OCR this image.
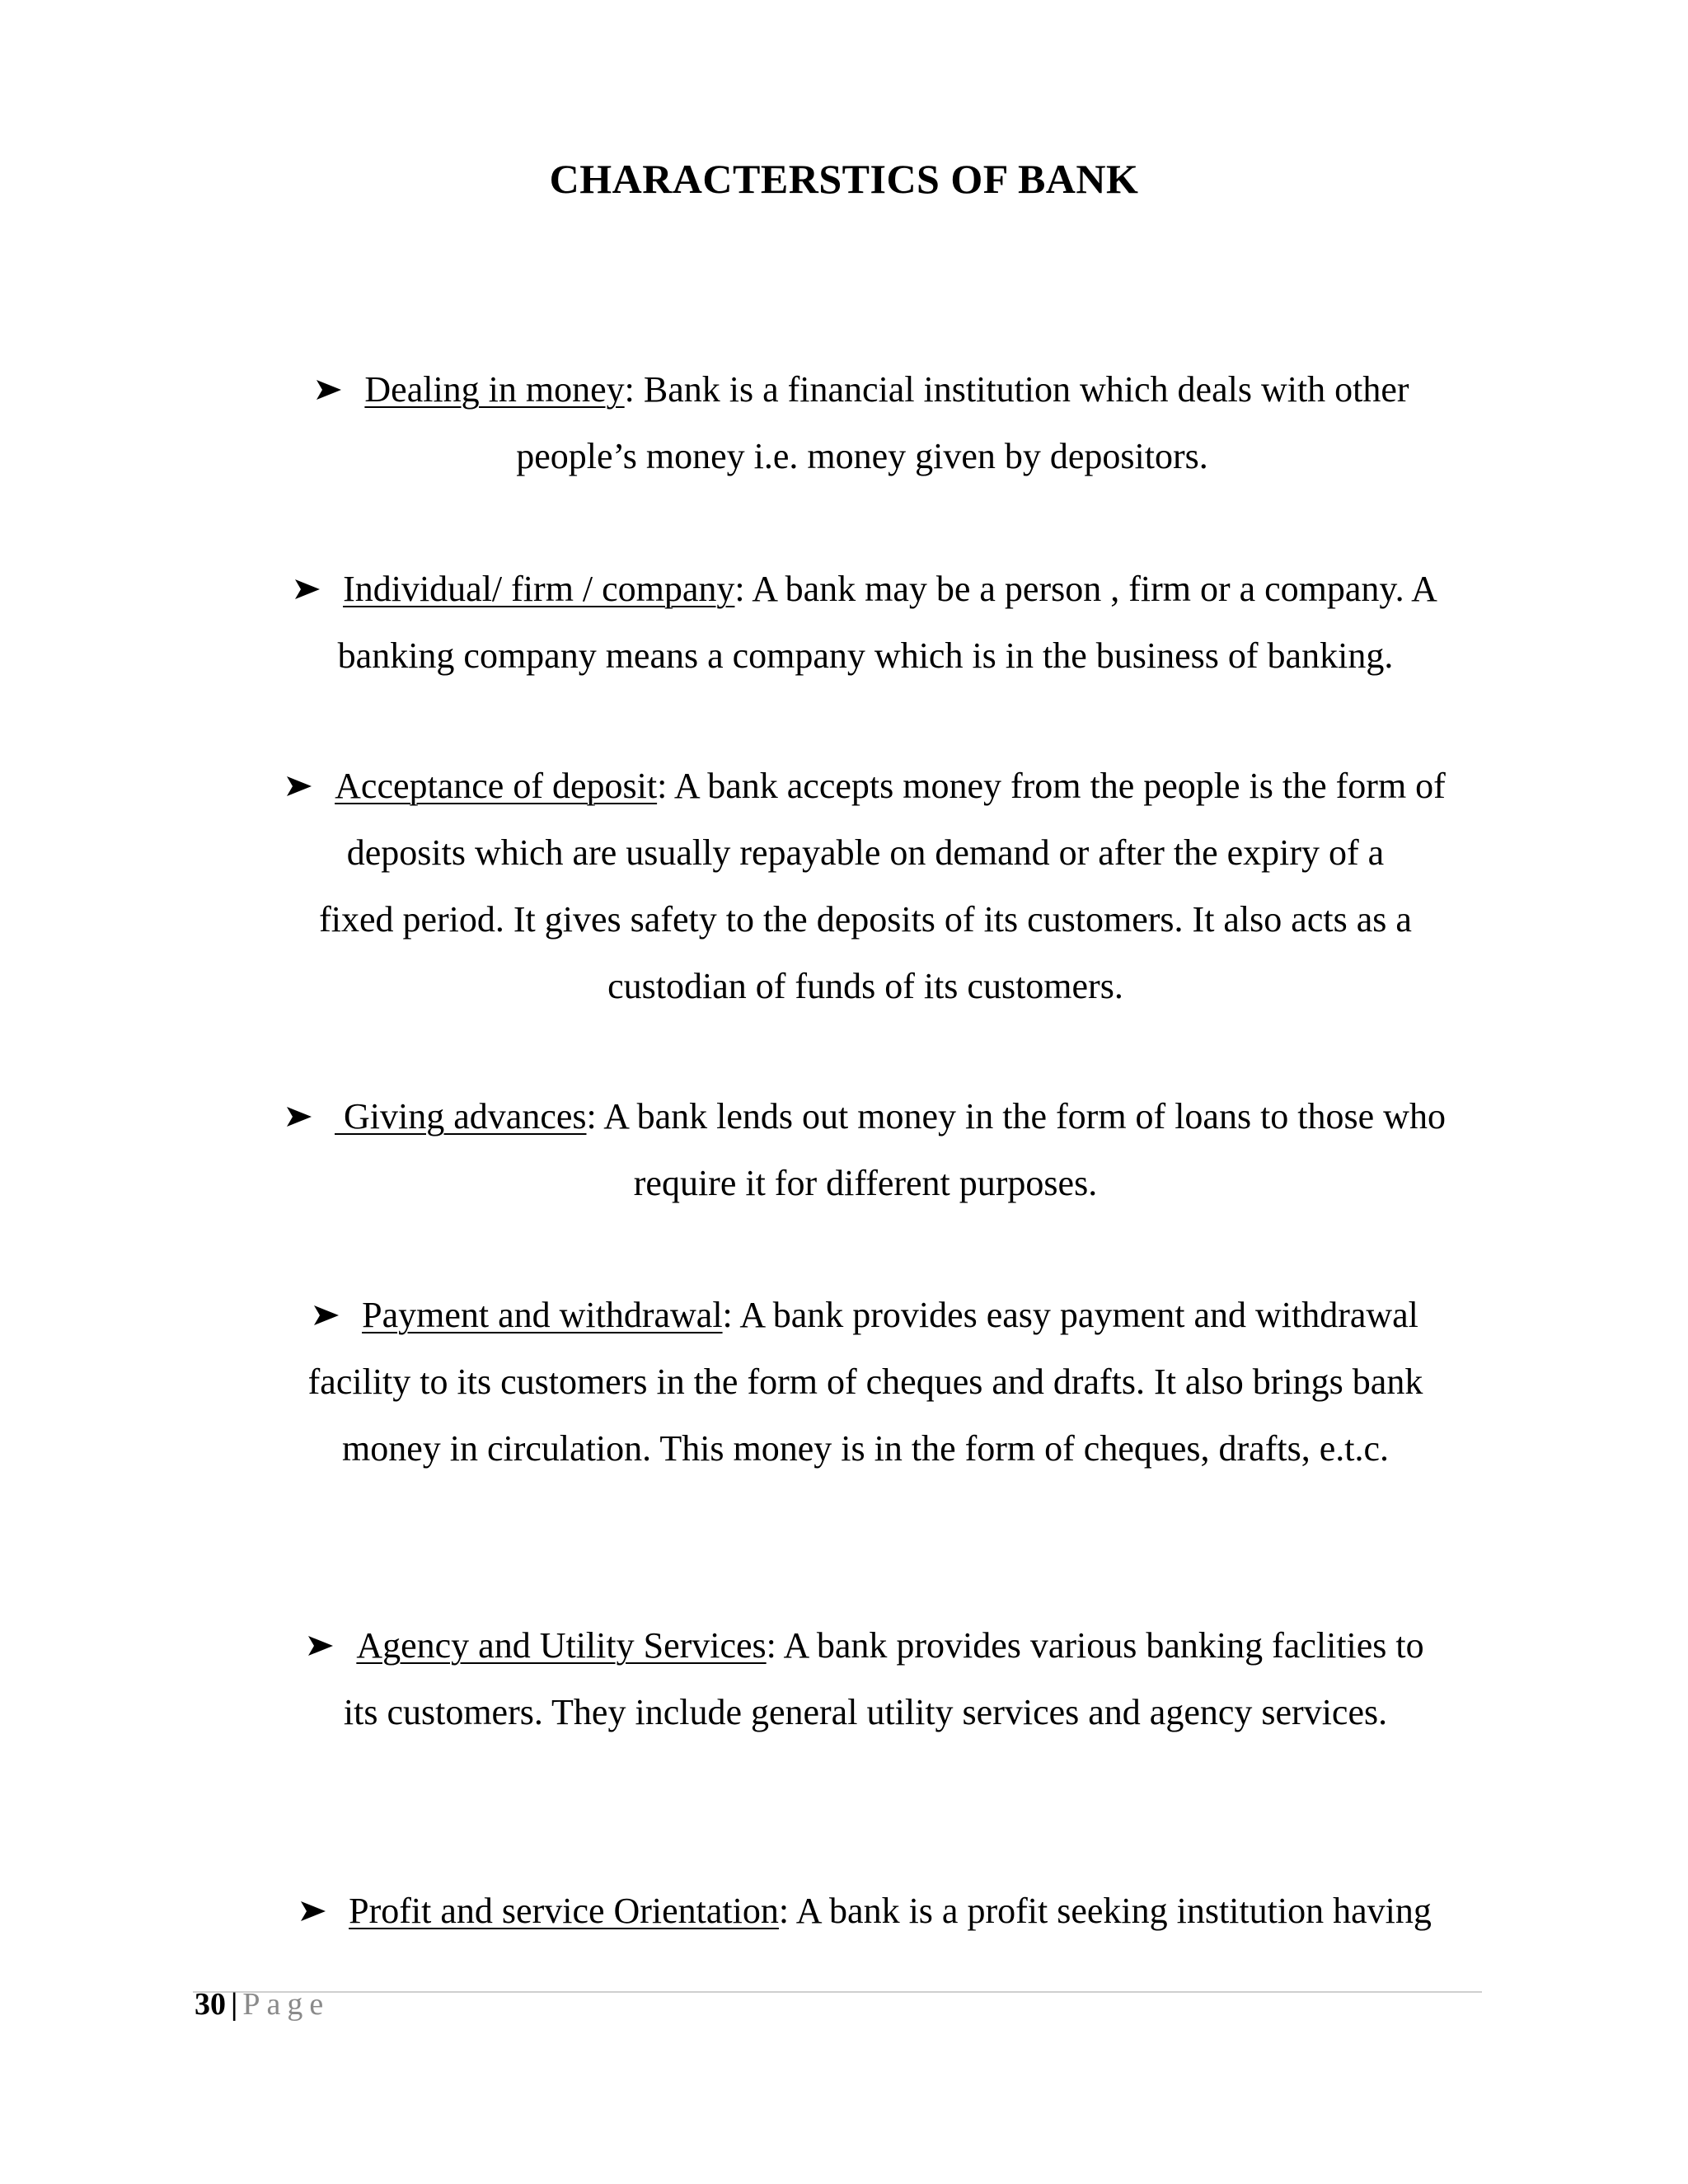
CHARACTERSTICS OF BANK
Dealing in money: Bank is a financial institution which deals with other
people’s money i.e. money given by depositors.
Individual/ firm / company: A bank may be a person , firm or a company. A
banking company means a company which is in the business of banking.
Acceptance of deposit: A bank accepts money from the people is the form of
deposits which are usually repayable on demand or after the expiry of a
fixed period. It gives safety to the deposits of its customers. It also acts as a
custodian of funds of its customers.
Giving advances: A bank lends out money in the form of loans to those who
require it for different purposes.
Payment and withdrawal: A bank provides easy payment and withdrawal
facility to its customers in the form of cheques and drafts. It also brings bank
money in circulation. This money is in the form of cheques, drafts, e.t.c.
Agency and Utility Services: A bank provides various banking faclities to
its customers. They include general utility services and agency services.
Profit and service Orientation: A bank is a profit seeking institution having
30 | Page
